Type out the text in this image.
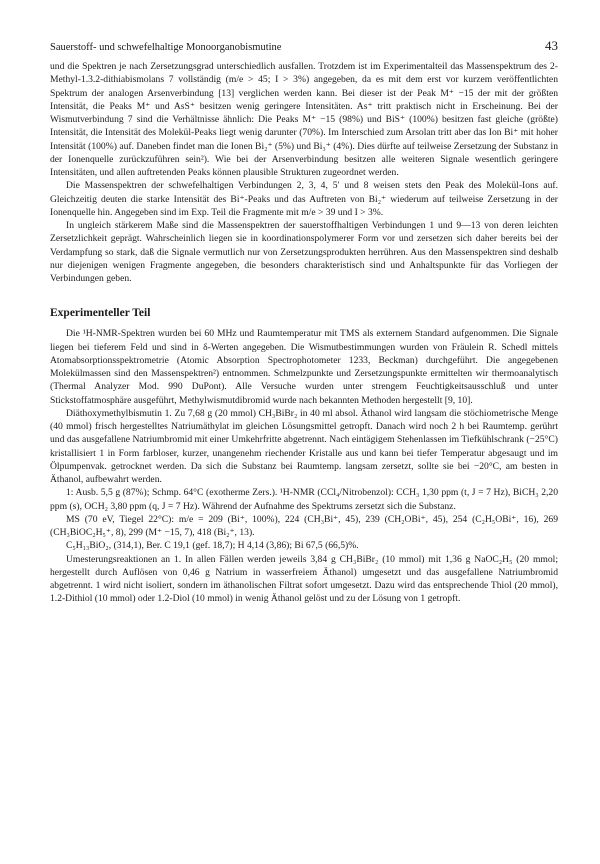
Sauerstoff- und schwefelhaltige Monoorganobismutine	43

und die Spektren je nach Zersetzungsgrad unterschiedlich ausfallen. Trotzdem ist im Experimentalteil das Massenspektrum des 2-Methyl-1.3.2-dithiabismolans 7 vollständig (m/e > 45; I > 3%) angegeben, da es mit dem erst vor kurzem veröffentlichten Spektrum der analogen Arsenverbindung [13] verglichen werden kann. Bei dieser ist der Peak M⁺ −15 der mit der größten Intensität, die Peaks M⁺ und AsS⁺ besitzen wenig geringere Intensitäten. As⁺ tritt praktisch nicht in Erscheinung. Bei der Wismutverbindung 7 sind die Verhältnisse ähnlich: Die Peaks M⁺ −15 (98%) und BiS⁺ (100%) besitzen fast gleiche (größte) Intensität, die Intensität des Molekül-Peaks liegt wenig darunter (70%). Im Interschied zum Arsolan tritt aber das Ion Bi⁺ mit hoher Intensität (100%) auf. Daneben findet man die Ionen Bi₂⁺ (5%) und Bi₃⁺ (4%). Dies dürfte auf teilweise Zersetzung der Substanz in der Ionenquelle zurückzuführen sein²). Wie bei der Arsenverbindung besitzen alle weiteren Signale wesentlich geringere Intensitäten, und allen auftretenden Peaks können plausible Strukturen zugeordnet werden.

Die Massenspektren der schwefelhaltigen Verbindungen 2, 3, 4, 5′ und 8 weisen stets den Peak des Molekül-Ions auf. Gleichzeitig deuten die starke Intensität des Bi⁺-Peaks und das Auftreten von Bi₂⁺ wiederum auf teilweise Zersetzung in der Ionenquelle hin. Angegeben sind im Exp. Teil die Fragmente mit m/e > 39 und I > 3%.

In ungleich stärkerem Maße sind die Massenspektren der sauerstoffhaltigen Verbindungen 1 und 9—13 von deren leichten Zersetzlichkeit geprägt. Wahrscheinlich liegen sie in koordinationspolymerer Form vor und zersetzen sich daher bereits bei der Verdampfung so stark, daß die Signale vermutlich nur von Zersetzungsprodukten herrühren. Aus den Massenspektren sind deshalb nur diejenigen wenigen Fragmente angegeben, die besonders charakteristisch sind und Anhaltspunkte für das Vorliegen der Verbindungen geben.

Experimenteller Teil

Die ¹H-NMR-Spektren wurden bei 60 MHz und Raumtemperatur mit TMS als externem Standard aufgenommen. Die Signale liegen bei tieferem Feld und sind in δ-Werten angegeben. Die Wismutbestimmungen wurden von Fräulein R. Schedl mittels Atomabsorptionsspektrometrie (Atomic Absorption Spectrophotometer 1233, Beckman) durchgeführt. Die angegebenen Molekülmassen sind den Massenspektren²) entnommen. Schmelzpunkte und Zersetzungspunkte ermittelten wir thermoanalytisch (Thermal Analyzer Mod. 990 DuPont). Alle Versuche wurden unter strengem Feuchtigkeitsausschluß und unter Stickstoffatmosphäre ausgeführt, Methylwismutdibromid wurde nach bekannten Methoden hergestellt [9, 10].

Diäthoxymethylbismutin 1. Zu 7,68 g (20 mmol) CH₃BiBr₂ in 40 ml absol. Äthanol wird langsam die stöchiometrische Menge (40 mmol) frisch hergestelltes Natriumäthylat im gleichen Lösungsmittel getropft. Danach wird noch 2 h bei Raumtemp. gerührt und das ausgefallene Natriumbromid mit einer Umkehrfritte abgetrennt. Nach eintägigem Stehenlassen im Tiefkühlschrank (−25°C) kristallisiert 1 in Form farbloser, kurzer, unangenehm riechender Kristalle aus und kann bei tiefer Temperatur abgesaugt und im Ölpumpenvak. getrocknet werden. Da sich die Substanz bei Raumtemp. langsam zersetzt, sollte sie bei −20°C, am besten in Äthanol, aufbewahrt werden.

1: Ausb. 5,5 g (87%); Schmp. 64°C (exotherme Zers.). ¹H-NMR (CCl₄/Nitrobenzol): CCH₃ 1,30 ppm (t, J = 7 Hz), BiCH₃ 2,20 ppm (s), OCH₂ 3,80 ppm (q, J = 7 Hz). Während der Aufnahme des Spektrums zersetzt sich die Substanz.

MS (70 eV, Tiegel 22°C): m/e = 209 (Bi⁺, 100%), 224 (CH₃Bi⁺, 45), 239 (CH₂OBi⁺, 45), 254 (C₂H₅OBi⁺, 16), 269 (CH₃BiOC₂H₅⁺, 8), 299 (M⁺ −15, 7), 418 (Bi₂⁺, 13).

C₅H₁₃BiO₂, (314,1), Ber. C 19,1 (gef. 18,7); H 4,14 (3,86); Bi 67,5 (66,5)%.

Umesterungsreaktionen an 1. In allen Fällen werden jeweils 3,84 g CH₃BiBr₂ (10 mmol) mit 1,36 g NaOC₂H₅ (20 mmol; hergestellt durch Auflösen von 0,46 g Natrium in wasserfreiem Äthanol) umgesetzt und das ausgefallene Natriumbromid abgetrennt. 1 wird nicht isoliert, sondern im äthanolischen Filtrat sofort umgesetzt. Dazu wird das entsprechende Thiol (20 mmol), 1.2-Dithiol (10 mmol) oder 1.2-Diol (10 mmol) in wenig Äthanol gelöst und zu der Lösung von 1 getropft.
